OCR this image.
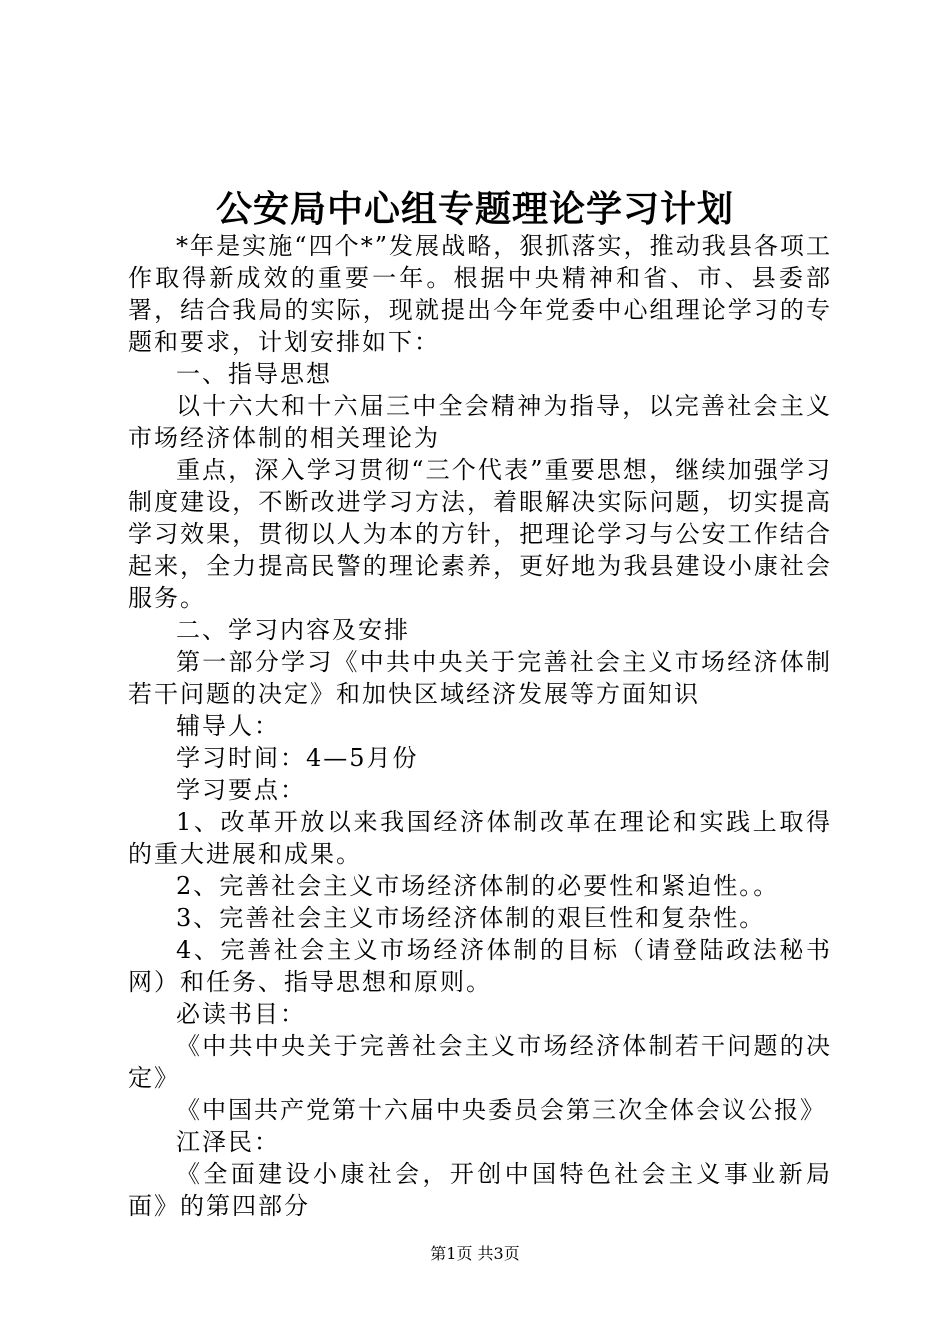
公安局中心组专题理论学习计划

*年是实施“四个*”发展战略，狠抓落实，推动我县各项工作取得新成效的重要一年。根据中央精神和省、市、县委部署，结合我局的实际，现就提出今年党委中心组理论学习的专题和要求，计划安排如下：

一、指导思想

以十六大和十六届三中全会精神为指导，以完善社会主义市场经济体制的相关理论为

重点，深入学习贯彻“三个代表”重要思想，继续加强学习制度建设，不断改进学习方法，着眼解决实际问题，切实提高学习效果，贯彻以人为本的方针，把理论学习与公安工作结合起来，全力提高民警的理论素养，更好地为我县建设小康社会服务。

二、学习内容及安排

第一部分学习《中共中央关于完善社会主义市场经济体制若干问题的决定》和加快区域经济发展等方面知识

辅导人：

学习时间：4—5月份

学习要点：

1、改革开放以来我国经济体制改革在理论和实践上取得的重大进展和成果。

2、完善社会主义市场经济体制的必要性和紧迫性。。

3、完善社会主义市场经济体制的艰巨性和复杂性。

4、完善社会主义市场经济体制的目标（请登陆政法秘书网）和任务、指导思想和原则。

必读书目：

《中共中央关于完善社会主义市场经济体制若干问题的决定》

《中国共产党第十六届中央委员会第三次全体会议公报》

江泽民：

《全面建设小康社会，开创中国特色社会主义事业新局面》的第四部分

第1页 共3页
